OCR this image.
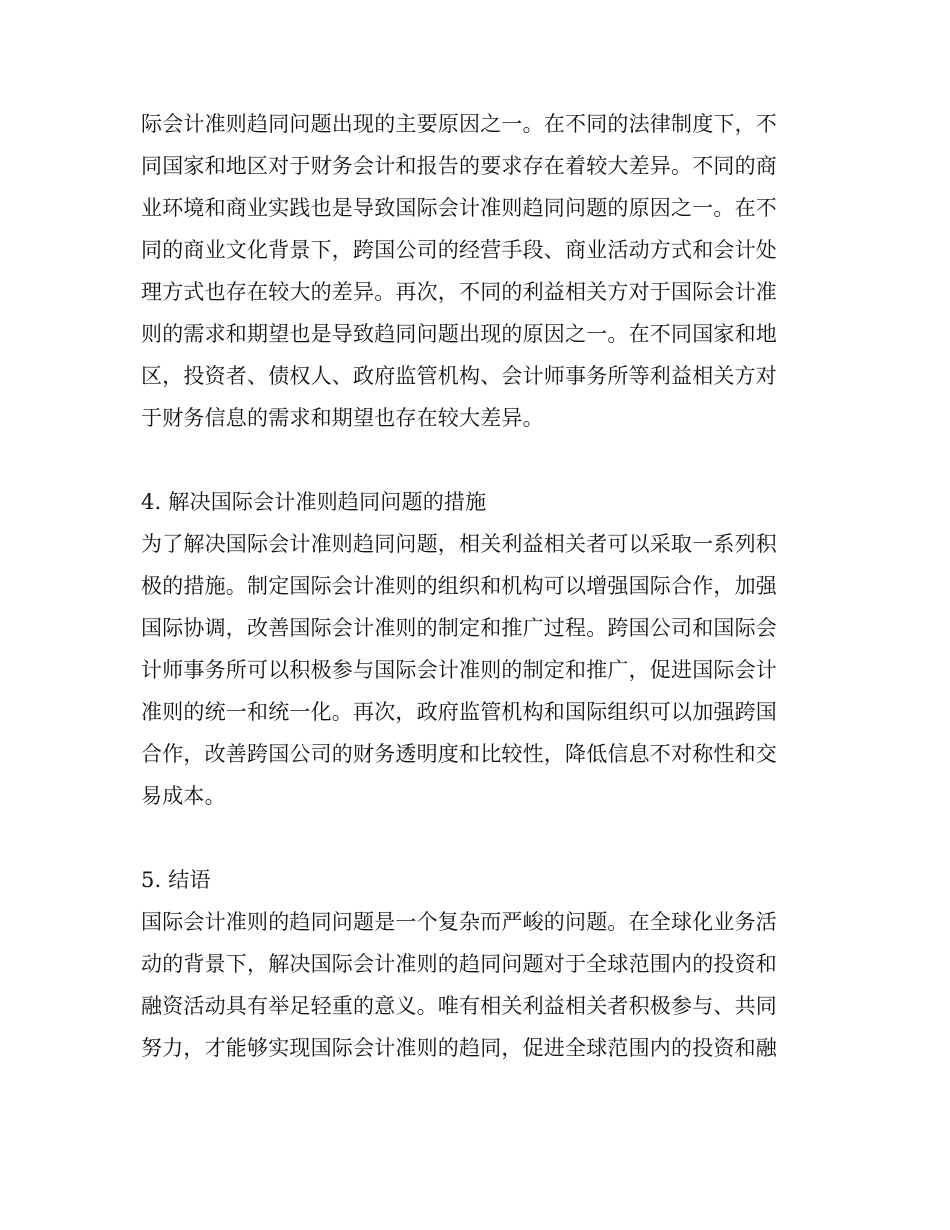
际会计准则趋同问题出现的主要原因之一。在不同的法律制度下，不
同国家和地区对于财务会计和报告的要求存在着较大差异。不同的商
业环境和商业实践也是导致国际会计准则趋同问题的原因之一。在不
同的商业文化背景下，跨国公司的经营手段、商业活动方式和会计处
理方式也存在较大的差异。再次，不同的利益相关方对于国际会计准
则的需求和期望也是导致趋同问题出现的原因之一。在不同国家和地
区，投资者、债权人、政府监管机构、会计师事务所等利益相关方对
于财务信息的需求和期望也存在较大差异。
4. 解决国际会计准则趋同问题的措施
为了解决国际会计准则趋同问题，相关利益相关者可以采取一系列积
极的措施。制定国际会计准则的组织和机构可以增强国际合作，加强
国际协调，改善国际会计准则的制定和推广过程。跨国公司和国际会
计师事务所可以积极参与国际会计准则的制定和推广，促进国际会计
准则的统一和统一化。再次，政府监管机构和国际组织可以加强跨国
合作，改善跨国公司的财务透明度和比较性，降低信息不对称性和交
易成本。
5. 结语
国际会计准则的趋同问题是一个复杂而严峻的问题。在全球化业务活
动的背景下，解决国际会计准则的趋同问题对于全球范围内的投资和
融资活动具有举足轻重的意义。唯有相关利益相关者积极参与、共同
努力，才能够实现国际会计准则的趋同，促进全球范围内的投资和融
